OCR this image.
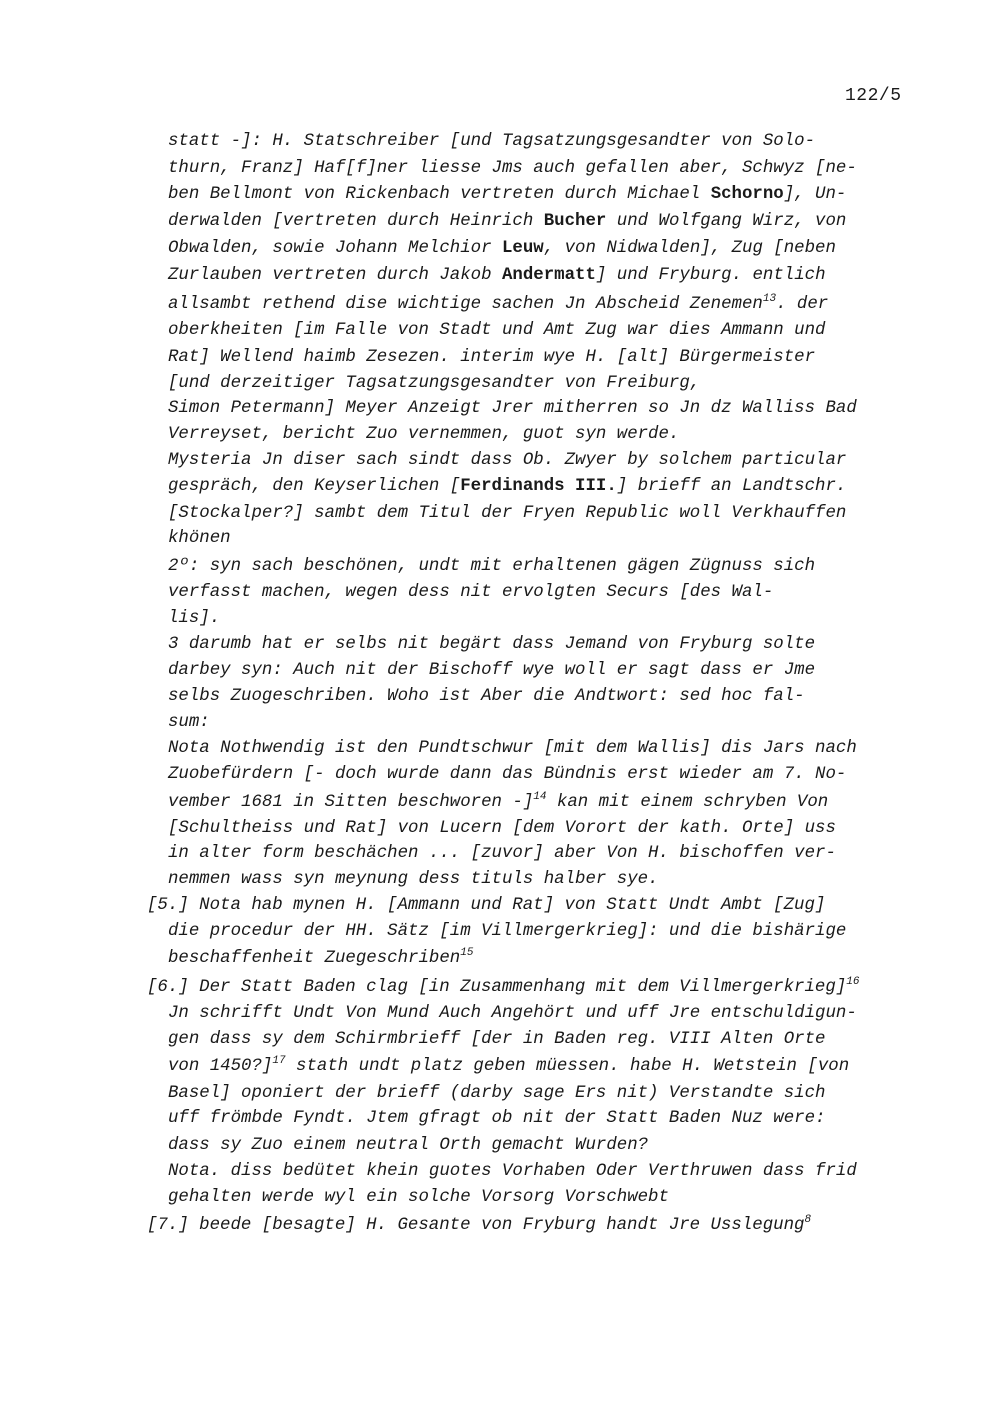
122/5
statt -]: H. Statschreiber [und Tagsatzungsgesandter von Solo-
thurn, Franz] Haf[f]ner liesse Jms auch gefallen aber, Schwyz [ne-
ben Bellmont von Rickenbach vertreten durch Michael Schorno], Un-
derwalden [vertreten durch Heinrich Bucher und Wolfgang Wirz, von
Obwalden, sowie Johann Melchior Leuw, von Nidwalden], Zug [neben
Zurlauben vertreten durch Jakob Andermatt] und Fryburg. entlich
allsambt rethend dise wichtige sachen Jn Abscheid Zenemen$^{13}$. der
oberkheiten [im Falle von Stadt und Amt Zug war dies Ammann und
Rat] Wellend haimb Zesezen. interim wye H. [alt] Bürgermeister
[und derzeitiger Tagsatzungsgesandter von Freiburg,
Simon Petermann] Meyer Anzeigt Jrer mitherren so Jn dz Walliss Bad
Verreyset, bericht Zuo vernemmen, guot syn werde.
Mysteria Jn diser sach sindt dass Ob. Zwyer by solchem particular
gespräch, den Keyserlichen [Ferdinands III.] brieff an Landtschr.
[Stockalper?] sambt dem Titul der Fryen Republic woll Verkhauffen
khönen
2º: syn sach beschönen, undt mit erhaltenen gägen Zügnuss sich
verfasst machen, wegen dess nit ervolgten Securs [des Wal-
lis].
3 darumb hat er selbs nit begärt dass Jemand von Fryburg solte
darbey syn: Auch nit der Bischoff wye woll er sagt dass er Jme
selbs Zuogeschriben. Woho ist Aber die Andtwort: sed hoc fal-
sum:
Nota Nothwendig ist den Pundtschwur [mit dem Wallis] dis Jars nach
Zuobefürdern [- doch wurde dann das Bündnis erst wieder am 7. No-
vember 1681 in Sitten beschworen -]$^{14}$ kan mit einem schryben Von
[Schultheiss und Rat] von Lucern [dem Vorort der kath. Orte] uss
in alter form beschächen ... [zuvor] aber Von H. bischoffen ver-
nemmen wass syn meynung dess tituls halber sye.
[5.] Nota hab mynen H. [Ammann und Rat] von Statt Undt Ambt [Zug]
die procedur der HH. Sätz [im Villmergerkrieg]: und die bishärige
beschaffenheit Zuegeschriben$^{15}$
[6.] Der Statt Baden clag [in Zusammenhang mit dem Villmergerkrieg]$^{16}$
Jn schrifft Undt Von Mund Auch Angehört und uff Jre entschuldigun-
gen dass sy dem Schirmbrieff [der in Baden reg. VIII Alten Orte
von 1450?]$^{17}$ stath undt platz geben müessen. habe H. Wetstein [von
Basel] oponiert der brieff (darby sage Ers nit) Verstandte sich
uff frömbde Fyndt. Jtem gfragt ob nit der Statt Baden Nuz were:
dass sy Zuo einem neutral Orth gemacht Wurden?
Nota. diss bedütet khein guotes Vorhaben Oder Verthruwen dass frid
gehalten werde wyl ein solche Vorsorg Vorschwebt
[7.] beede [besagte] H. Gesante von Fryburg handt Jre Usslegung$^8$
